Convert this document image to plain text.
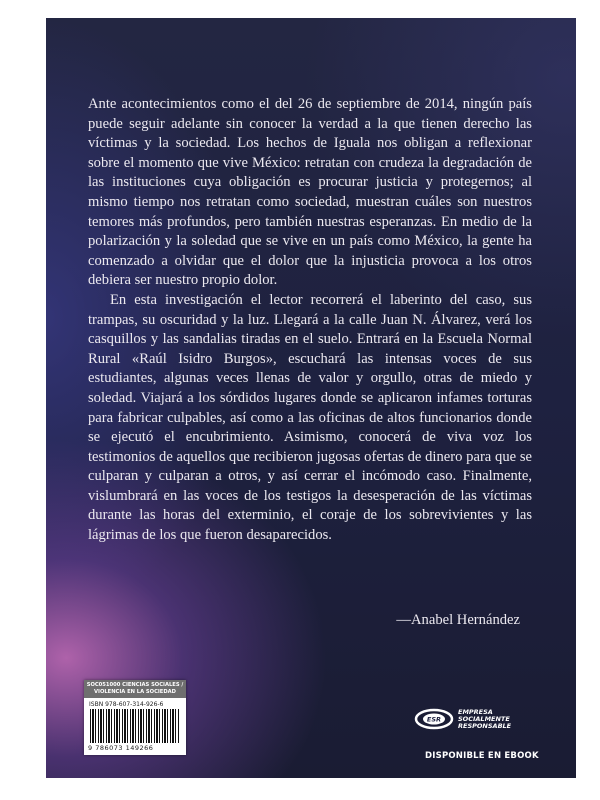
Ante acontecimientos como el del 26 de septiembre de 2014, ningún país puede seguir adelante sin conocer la verdad a la que tienen derecho las víctimas y la sociedad. Los hechos de Iguala nos obligan a reflexionar sobre el momento que vive México: retratan con crudeza la degradación de las instituciones cuya obligación es procurar justicia y protegernos; al mismo tiempo nos retratan como sociedad, muestran cuáles son nuestros temores más profundos, pero también nuestras esperanzas. En medio de la polarización y la soledad que se vive en un país como México, la gente ha comenzado a olvidar que el dolor que la injusticia provoca a los otros debiera ser nuestro propio dolor.

En esta investigación el lector recorrerá el laberinto del caso, sus trampas, su oscuridad y la luz. Llegará a la calle Juan N. Álvarez, verá los casquillos y las sandalias tiradas en el suelo. Entrará en la Escuela Normal Rural «Raúl Isidro Burgos», escuchará las intensas voces de sus estudiantes, algunas veces llenas de valor y orgullo, otras de miedo y soledad. Viajará a los sórdidos lugares donde se aplicaron infames torturas para fabricar culpables, así como a las oficinas de altos funcionarios donde se ejecutó el encubrimiento. Asimismo, conocerá de viva voz los testimonios de aquellos que recibieron jugosas ofertas de dinero para que se culparan y culparan a otros, y así cerrar el incómodo caso. Finalmente, vislumbrará en las voces de los testigos la desesperación de las víctimas durante las horas del exterminio, el coraje de los sobrevivientes y las lágrimas de los que fueron desaparecidos.

—Anabel Hernández
SOC051000 CIENCIAS SOCIALES / VIOLENCIA EN LA SOCIEDAD
ISBN 978-607-314-926-6
9 786073 149266
ESR
EMPRESA SOCIALMENTE RESPONSABLE
DISPONIBLE EN EBOOK
